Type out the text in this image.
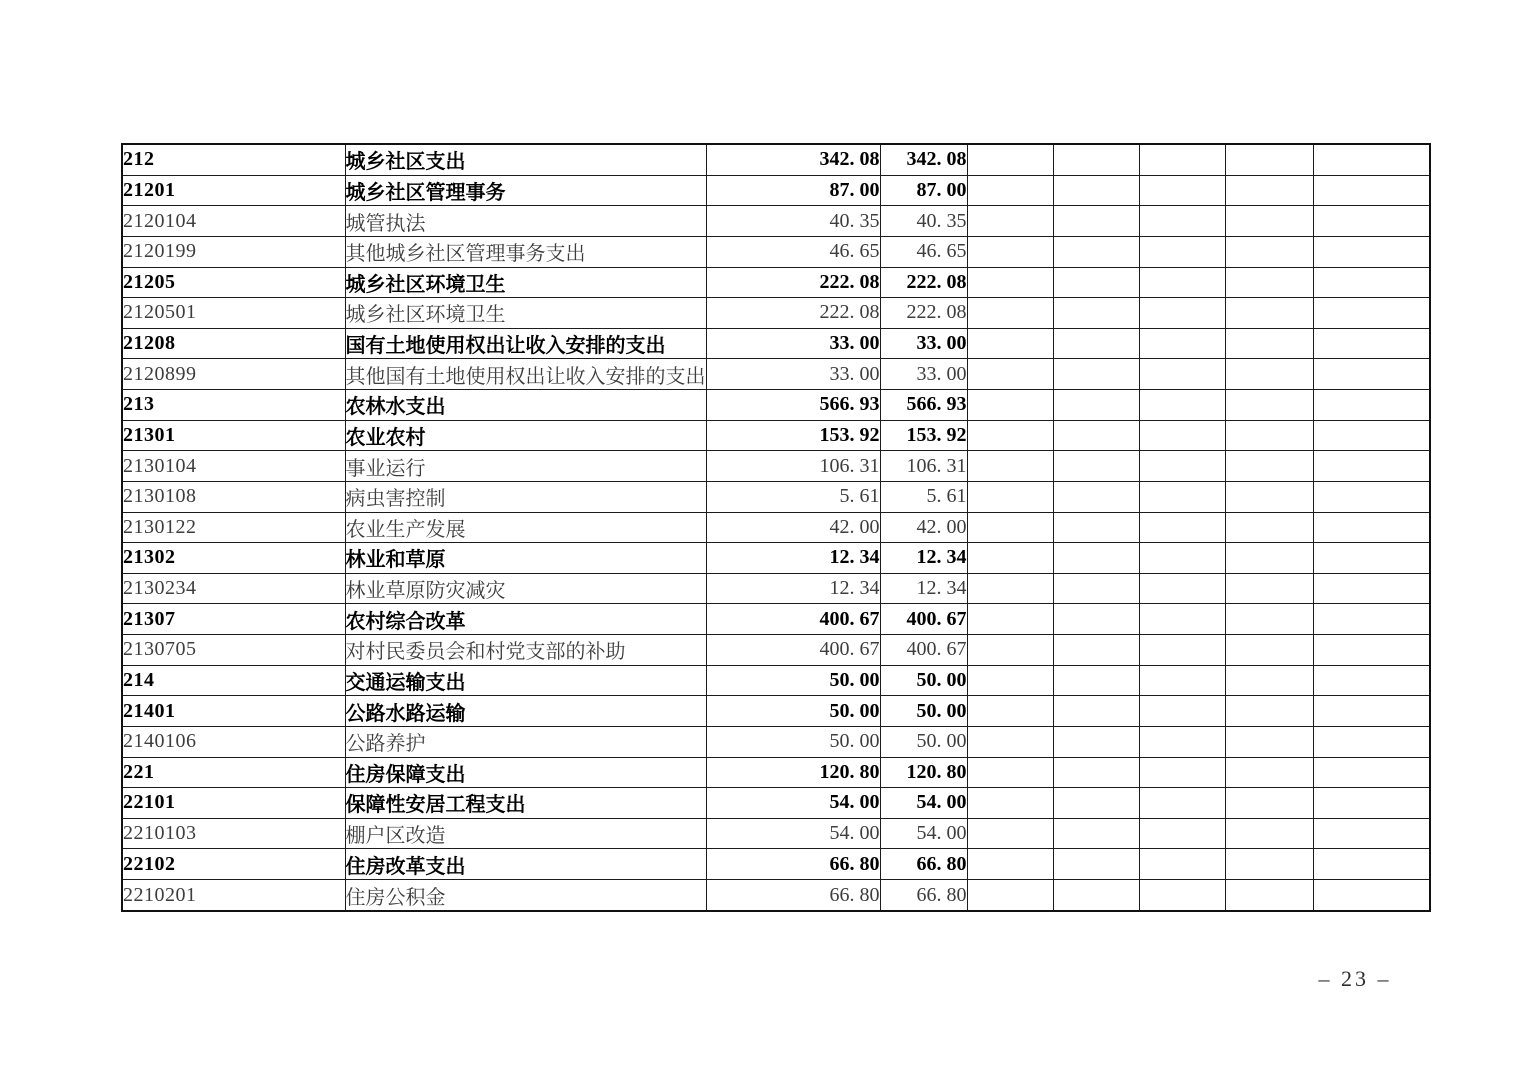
212	城乡社区支出	342. 08	342. 08					
21201	城乡社区管理事务	87. 00	87. 00					
2120104	城管执法	40. 35	40. 35					
2120199	其他城乡社区管理事务支出	46. 65	46. 65					
21205	城乡社区环境卫生	222. 08	222. 08					
2120501	城乡社区环境卫生	222. 08	222. 08					
21208	国有土地使用权出让收入安排的支出	33. 00	33. 00					
2120899	其他国有土地使用权出让收入安排的支出	33. 00	33. 00					
213	农林水支出	566. 93	566. 93					
21301	农业农村	153. 92	153. 92					
2130104	事业运行	106. 31	106. 31					
2130108	病虫害控制	5. 61	5. 61					
2130122	农业生产发展	42. 00	42. 00					
21302	林业和草原	12. 34	12. 34					
2130234	林业草原防灾减灾	12. 34	12. 34					
21307	农村综合改革	400. 67	400. 67					
2130705	对村民委员会和村党支部的补助	400. 67	400. 67					
214	交通运输支出	50. 00	50. 00					
21401	公路水路运输	50. 00	50. 00					
2140106	公路养护	50. 00	50. 00					
221	住房保障支出	120. 80	120. 80					
22101	保障性安居工程支出	54. 00	54. 00					
2210103	棚户区改造	54. 00	54. 00					
22102	住房改革支出	66. 80	66. 80					
2210201	住房公积金	66. 80	66. 80					
– 23 –
